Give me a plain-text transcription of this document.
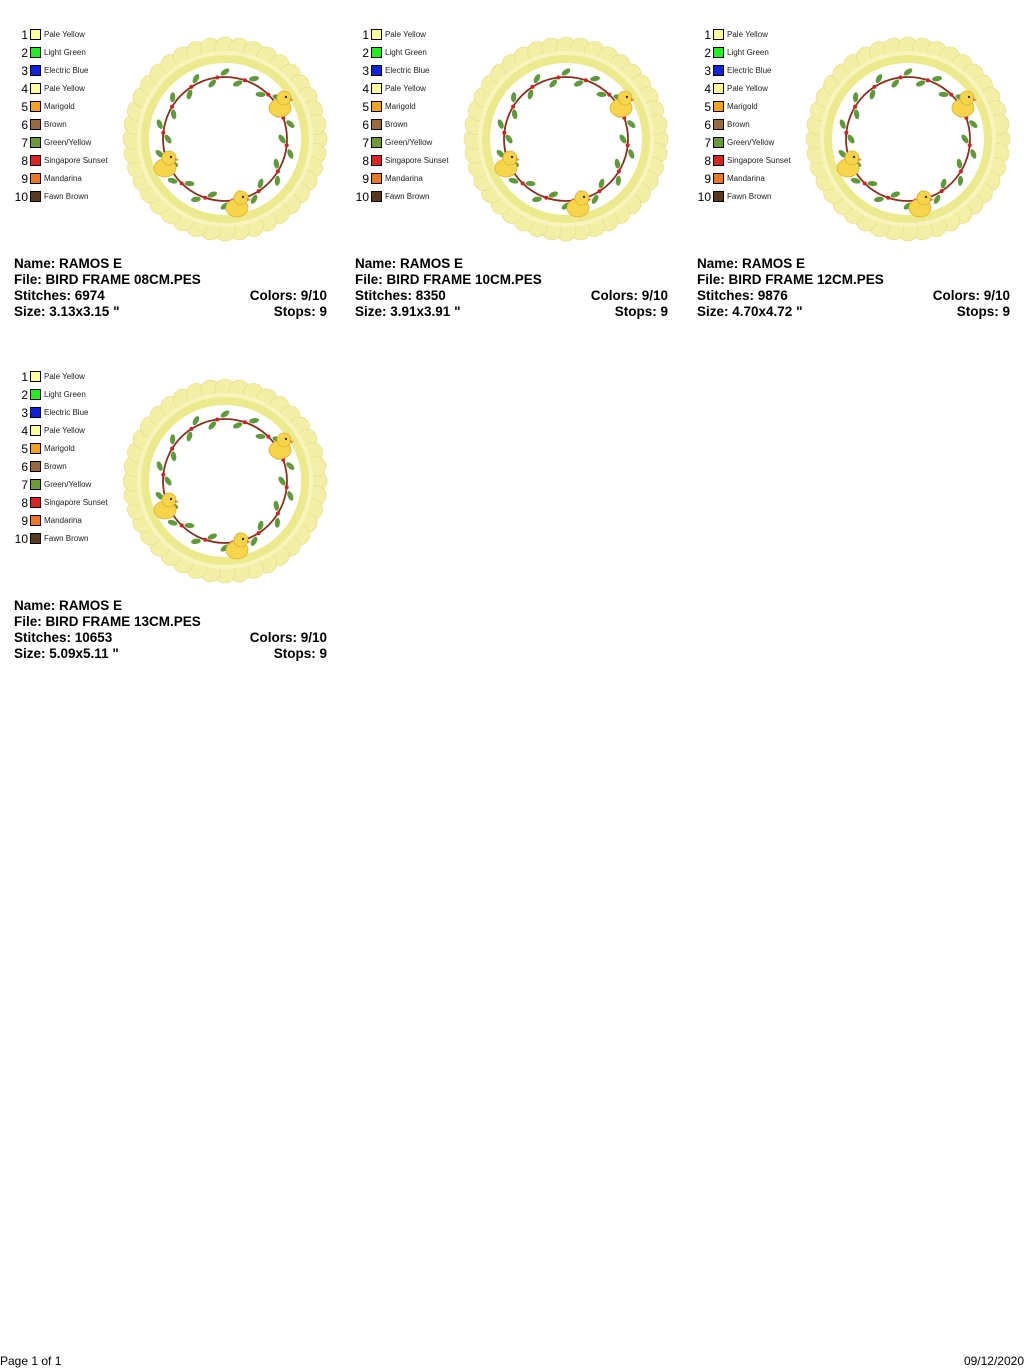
1 Pale Yellow
2 Light Green
3 Electric Blue
4 Pale Yellow
5 Marigold
6 Brown
7 Green/Yellow
8 Singapore Sunset
9 Mandarina
10 Fawn Brown
Name: RAMOS E
File: BIRD FRAME 08CM.PES
Stitches: 6974	Colors: 9/10
Size: 3.13x3.15 "	Stops: 9
1 Pale Yellow
2 Light Green
3 Electric Blue
4 Pale Yellow
5 Marigold
6 Brown
7 Green/Yellow
8 Singapore Sunset
9 Mandarina
10 Fawn Brown
Name: RAMOS E
File: BIRD FRAME 10CM.PES
Stitches: 8350	Colors: 9/10
Size: 3.91x3.91 "	Stops: 9
1 Pale Yellow
2 Light Green
3 Electric Blue
4 Pale Yellow
5 Marigold
6 Brown
7 Green/Yellow
8 Singapore Sunset
9 Mandarina
10 Fawn Brown
Name: RAMOS E
File: BIRD FRAME 12CM.PES
Stitches: 9876	Colors: 9/10
Size: 4.70x4.72 "	Stops: 9
1 Pale Yellow
2 Light Green
3 Electric Blue
4 Pale Yellow
5 Marigold
6 Brown
7 Green/Yellow
8 Singapore Sunset
9 Mandarina
10 Fawn Brown
Name: RAMOS E
File: BIRD FRAME 13CM.PES
Stitches: 10653	Colors: 9/10
Size: 5.09x5.11 "	Stops: 9
Page 1 of 1	09/12/2020
